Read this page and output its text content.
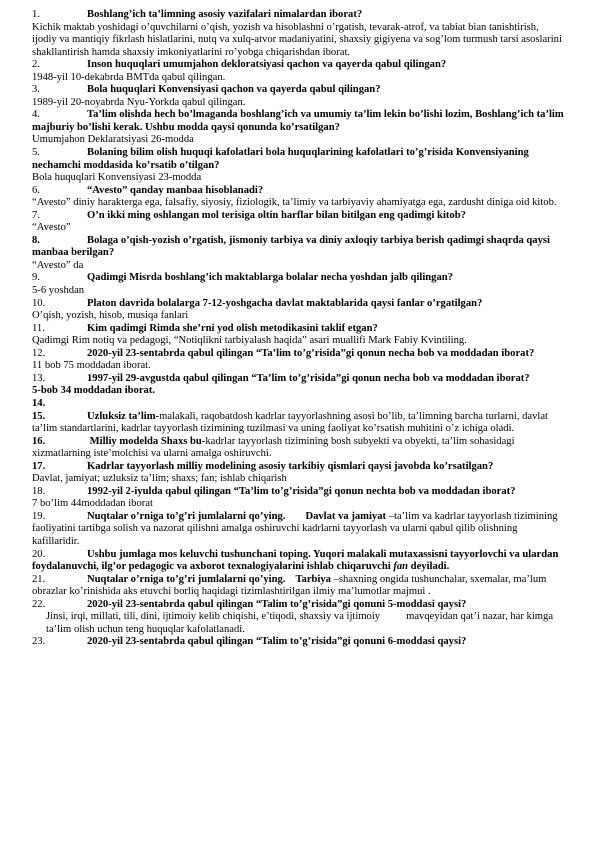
1.	Boshlang’ich ta’limning asosiy vazifalari nimalardan iborat?
Kichik maktab yoshidagi o’quvchilarni o’qish, yozish va hisoblashni o’rgatish, tevarak-atrof, va tabiat bian tanishtirish, ijodiy va mantiqiy fikrlash hislatlarini, nutq va xulq-atvor madaniyatini, shaxsiy gigiyena va sog’lom turmush tarsi asoslarini shakllantirish hamda shaxsiy imkoniyatlarini ro’yobga chiqarishdan iborat.
2.	Inson huquqlari umumjahon dekloratsiyasi qachon va qayerda qabul qilingan?
1948-yil 10-dekabrda BMTda qabul qilingan.
3.	Bola huquqlari Konvensiyasi qachon va qayerda qabul qilingan?
1989-yil 20-noyabrda Nyu-Yorkda qabul qilingan.
4.	Ta’lim olishda hech bo’lmaganda boshlang’ich va umumiy ta’lim lekin bo’lishi lozim, Boshlang’ich ta’lim majburiy bo’lishi kerak. Ushbu modda qaysi qonunda ko’rsatilgan?
Umumjahon Deklaratsiyasi 26-modda
5.	Bolaning bilim olish huquqi kafolatlari bola huquqlarining kafolatlari to’g’risida Konvensiyaning nechamchi moddasida ko’rsatib o’tilgan?
Bola huquqlari Konvensiyasi 23-modda
6.	“Avesto” qanday manbaa hisoblanadi?
“Avesto” diniy harakterga ega, falsafiy, siyosiy, fiziologik, ta’limiy va tarbiyaviy ahamiyatga ega, zardusht diniga oid kitob.
7.	O’n ikki ming oshlangan mol terisiga oltin harflar bilan bitilgan eng qadimgi kitob?
“Avesto”
8.	Bolaga o’qish-yozish o’rgatish, jismoniy tarbiya va diniy axloqiy tarbiya berish qadimgi shaqrda qaysi manbaa berilgan?
“Avesto” da
9.	Qadimgi Misrda boshlang’ich maktablarga bolalar necha yoshdan jalb qilingan?
5-6 yoshdan
10.	Platon davrida bolalarga 7-12-yoshgacha davlat maktablarida qaysi fanlar o’rgatilgan?
O’qish, yozish, hisob, musiqa fanlari
11.	Kim qadimgi Rimda she’rni yod olish metodikasini taklif etgan?
Qadimgi Rim notiq va pedagogi, “Notiqlikni tarbiyalash haqida” asari muallifi Mark Fabiy Kvintiling.
12.	2020-yil 23-sentabrda qabul qilingan “Ta’lim to’g’risida”gi qonun necha bob va moddadan iborat?
11 bob 75 moddadan iborat.
13.	1997-yil 29-avgustda qabul qilingan “Ta’lim to’g’risida”gi qonun necha bob va moddadan iborat?
5-bob 34 moddadan iborat.
14.
15.	Uzluksiz ta’lim-malakali, raqobatdosh kadrlar tayyorlashning asosi bo’lib, ta’limning barcha turlarni, davlat ta’lim standartlarini, kadrlar tayyorlash tizimining tuzilmasi va uning faoliyat ko’rsatish muhitini o’z ichiga oladi.
16.	Milliy modelda Shaxs bu-kadrlar tayyorlash tizimining bosh subyekti va obyekti, ta’lim sohasidagi xizmatlarning iste’molchisi va ularni amalga oshiruvchi.
17.	Kadrlar tayyorlash milliy modelining asosiy tarkibiy qismlari qaysi javobda ko’rsatilgan?
Davlat, jamiyat; uzluksiz ta’lim; shaxs; fan; ishlab chiqarish
18.	1992-yil 2-iyulda qabul qilingan “Ta’lim to’g’risida”gi qonun nechta bob va moddadan iborat?
7 bo’lim 44moddadan iborat
19.	Nuqtalar o’rniga to’g’ri jumlalarni qo’ying. Davlat va jamiyat –ta’lim va kadrlar tayyorlash tizimining faoliyatini tartibga solish va nazorat qilishni amalga oshiruvchi kadrlarni tayyorlash va ularni qabul qilib olishning kafillaridir.
20.	Ushbu jumlaga mos keluvchi tushunchani toping. Yuqori malakali mutaxassisni tayyorlovchi va ulardan foydalanuvchi, ilg’or pedagogic va axborot texnalogiyalarini ishlab chiqaruvchi fan deyiladi.
21.	Nuqtalar o’rniga to’g’ri jumlalarni qo’ying. Tarbiya –shaxning ongida tushunchalar, sxemalar, ma’lum obrazlar ko’rinishida aks etuvchi borliq haqidagi tizimlashtirilgan ilmiy ma’lumotlar majmui .
22.	2020-yil 23-sentabrda qabul qilingan “Talim to’g’risida”gi qonuni 5-moddasi qaysi?
Jinsi, irqi, millati, tili, dini, ijtimoiy kelib chiqishi, e’tiqodi, shaxsiy va ijtimoiy mavqeyidan qat’i nazar, har kimga ta’lim olish uchun teng huquqlar kafolatlanadi.
23.	2020-yil 23-sentabrda qabul qilingan “Talim to’g’risida”gi qonuni 6-moddasi qaysi?
